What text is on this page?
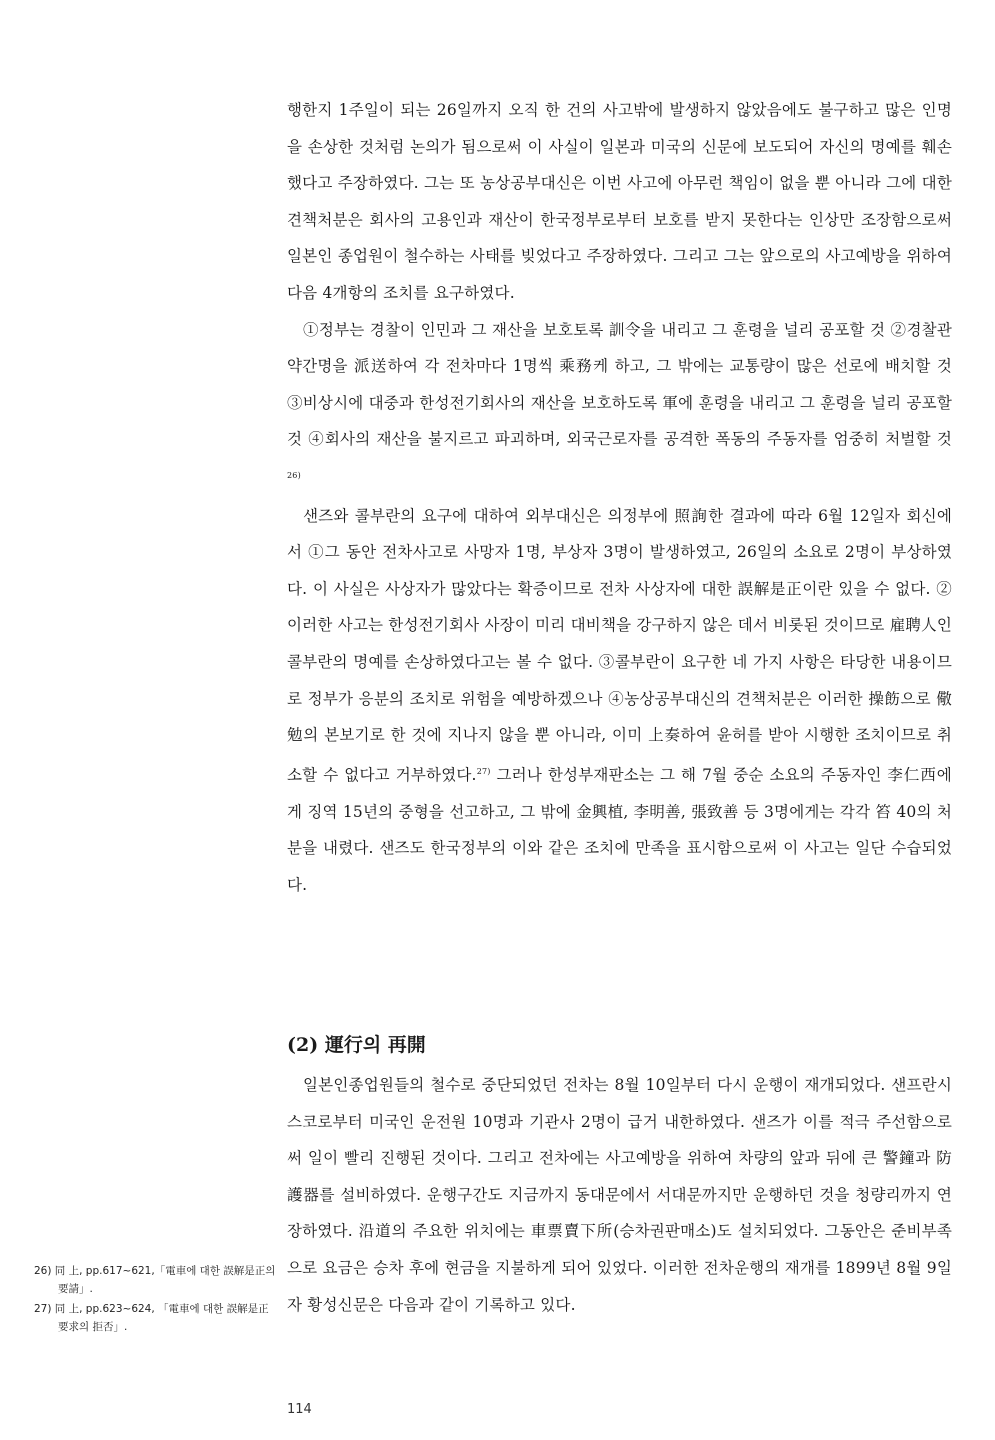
행한지 1주일이 되는 26일까지 오직 한 건의 사고밖에 발생하지 않았음에도 불구하고 많은 인명을 손상한 것처럼 논의가 됨으로써 이 사실이 일본과 미국의 신문에 보도되어 자신의 명예를 훼손했다고 주장하였다. 그는 또 농상공부대신은 이번 사고에 아무런 책임이 없을 뿐 아니라 그에 대한 견책처분은 회사의 고용인과 재산이 한국정부로부터 보호를 받지 못한다는 인상만 조장함으로써 일본인 종업원이 철수하는 사태를 빚었다고 주장하였다. 그리고 그는 앞으로의 사고예방을 위하여 다음 4개항의 조치를 요구하였다.

①정부는 경찰이 인민과 그 재산을 보호토록 訓令을 내리고 그 훈령을 널리 공포할 것 ②경찰관 약간명을 派送하여 각 전차마다 1명씩 乘務케 하고, 그 밖에는 교통량이 많은 선로에 배치할 것 ③비상시에 대중과 한성전기회사의 재산을 보호하도록 軍에 훈령을 내리고 그 훈령을 널리 공포할 것 ④회사의 재산을 불지르고 파괴하며, 외국근로자를 공격한 폭동의 주동자를 엄중히 처벌할 것$^{26)}$

샌즈와 콜부란의 요구에 대하여 외부대신은 의정부에 照詢한 결과에 따라 6월 12일자 회신에서 ①그 동안 전차사고로 사망자 1명, 부상자 3명이 발생하였고, 26일의 소요로 2명이 부상하였다. 이 사실은 사상자가 많았다는 확증이므로 전차 사상자에 대한 誤解是正이란 있을 수 없다. ②이러한 사고는 한성전기회사 사장이 미리 대비책을 강구하지 않은 데서 비롯된 것이므로 雇聘人인 콜부란의 명예를 손상하였다고는 볼 수 없다. ③콜부란이 요구한 네 가지 사항은 타당한 내용이므로 정부가 응분의 조치로 위험을 예방하겠으나 ④농상공부대신의 견책처분은 이러한 操飭으로 儆勉의 본보기로 한 것에 지나지 않을 뿐 아니라, 이미 上奏하여 윤허를 받아 시행한 조치이므로 취소할 수 없다고 거부하였다.$^{27)}$ 그러나 한성부재판소는 그 해 7월 중순 소요의 주동자인 李仁西에게 징역 15년의 중형을 선고하고, 그 밖에 金興植, 李明善, 張致善 등 3명에게는 각각 笞 40의 처분을 내렸다. 샌즈도 한국정부의 이와 같은 조치에 만족을 표시함으로써 이 사고는 일단 수습되었다.

(2) 運行의 再開

일본인종업원들의 철수로 중단되었던 전차는 8월 10일부터 다시 운행이 재개되었다. 샌프란시스코로부터 미국인 운전원 10명과 기관사 2명이 급거 내한하였다. 샌즈가 이를 적극 주선함으로써 일이 빨리 진행된 것이다. 그리고 전차에는 사고예방을 위하여 차량의 앞과 뒤에 큰 警鐘과 防護器를 설비하였다. 운행구간도 지금까지 동대문에서 서대문까지만 운행하던 것을 청량리까지 연장하였다. 沿道의 주요한 위치에는 車票賣下所(승차권판매소)도 설치되었다. 그동안은 준비부족으로 요금은 승차 후에 현금을 지불하게 되어 있었다. 이러한 전차운행의 재개를 1899년 8월 9일자 황성신문은 다음과 같이 기록하고 있다.

26) 同 上, pp.617~621,「電車에 대한 誤解是正의 要請」.

27) 同 上, pp.623~624, 「電車에 대한 誤解是正要求의 拒否」.

114
